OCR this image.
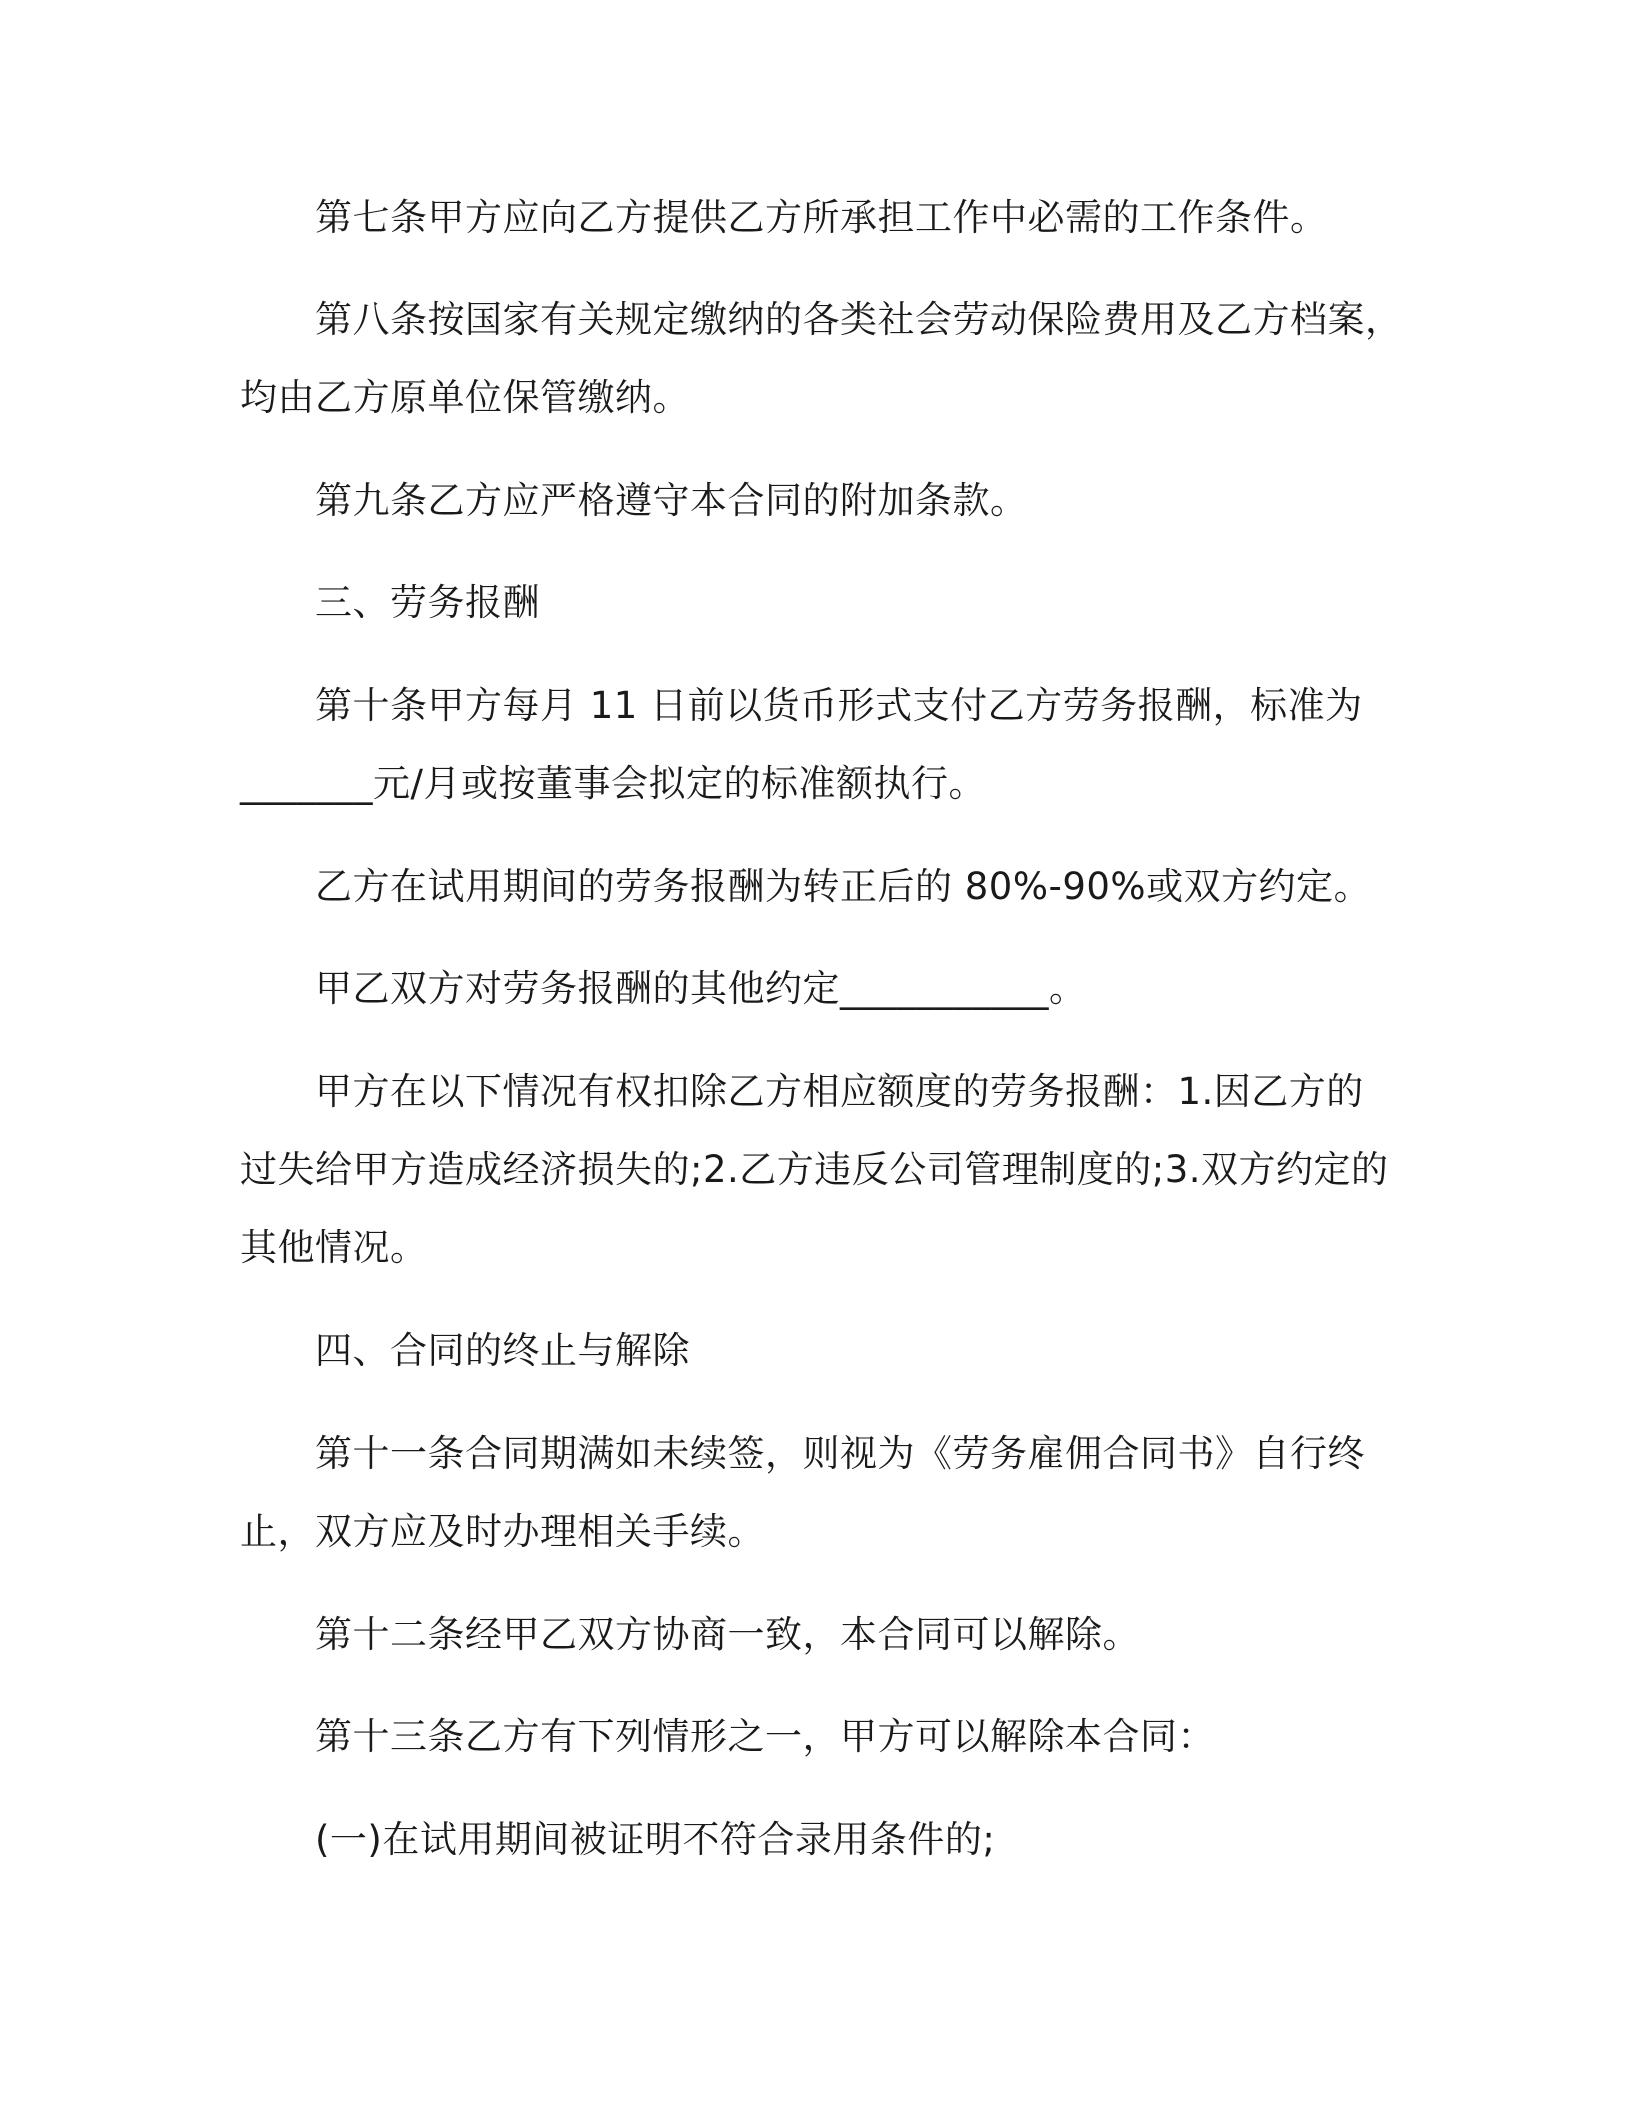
第七条甲方应向乙方提供乙方所承担工作中必需的工作条件。

第八条按国家有关规定缴纳的各类社会劳动保险费用及乙方档案，

均由乙方原单位保管缴纳。

第九条乙方应严格遵守本合同的附加条款。

三、劳务报酬

第十条甲方每月 11 日前以货币形式支付乙方劳务报酬，标准为

_______元/月或按董事会拟定的标准额执行。

乙方在试用期间的劳务报酬为转正后的 80%-90%或双方约定。

甲乙双方对劳务报酬的其他约定___________。

甲方在以下情况有权扣除乙方相应额度的劳务报酬：1.因乙方的

过失给甲方造成经济损失的;2.乙方违反公司管理制度的;3.双方约定的

其他情况。

四、合同的终止与解除

第十一条合同期满如未续签，则视为《劳务雇佣合同书》自行终

止，双方应及时办理相关手续。

第十二条经甲乙双方协商一致，本合同可以解除。

第十三条乙方有下列情形之一，甲方可以解除本合同：

(一)在试用期间被证明不符合录用条件的;
